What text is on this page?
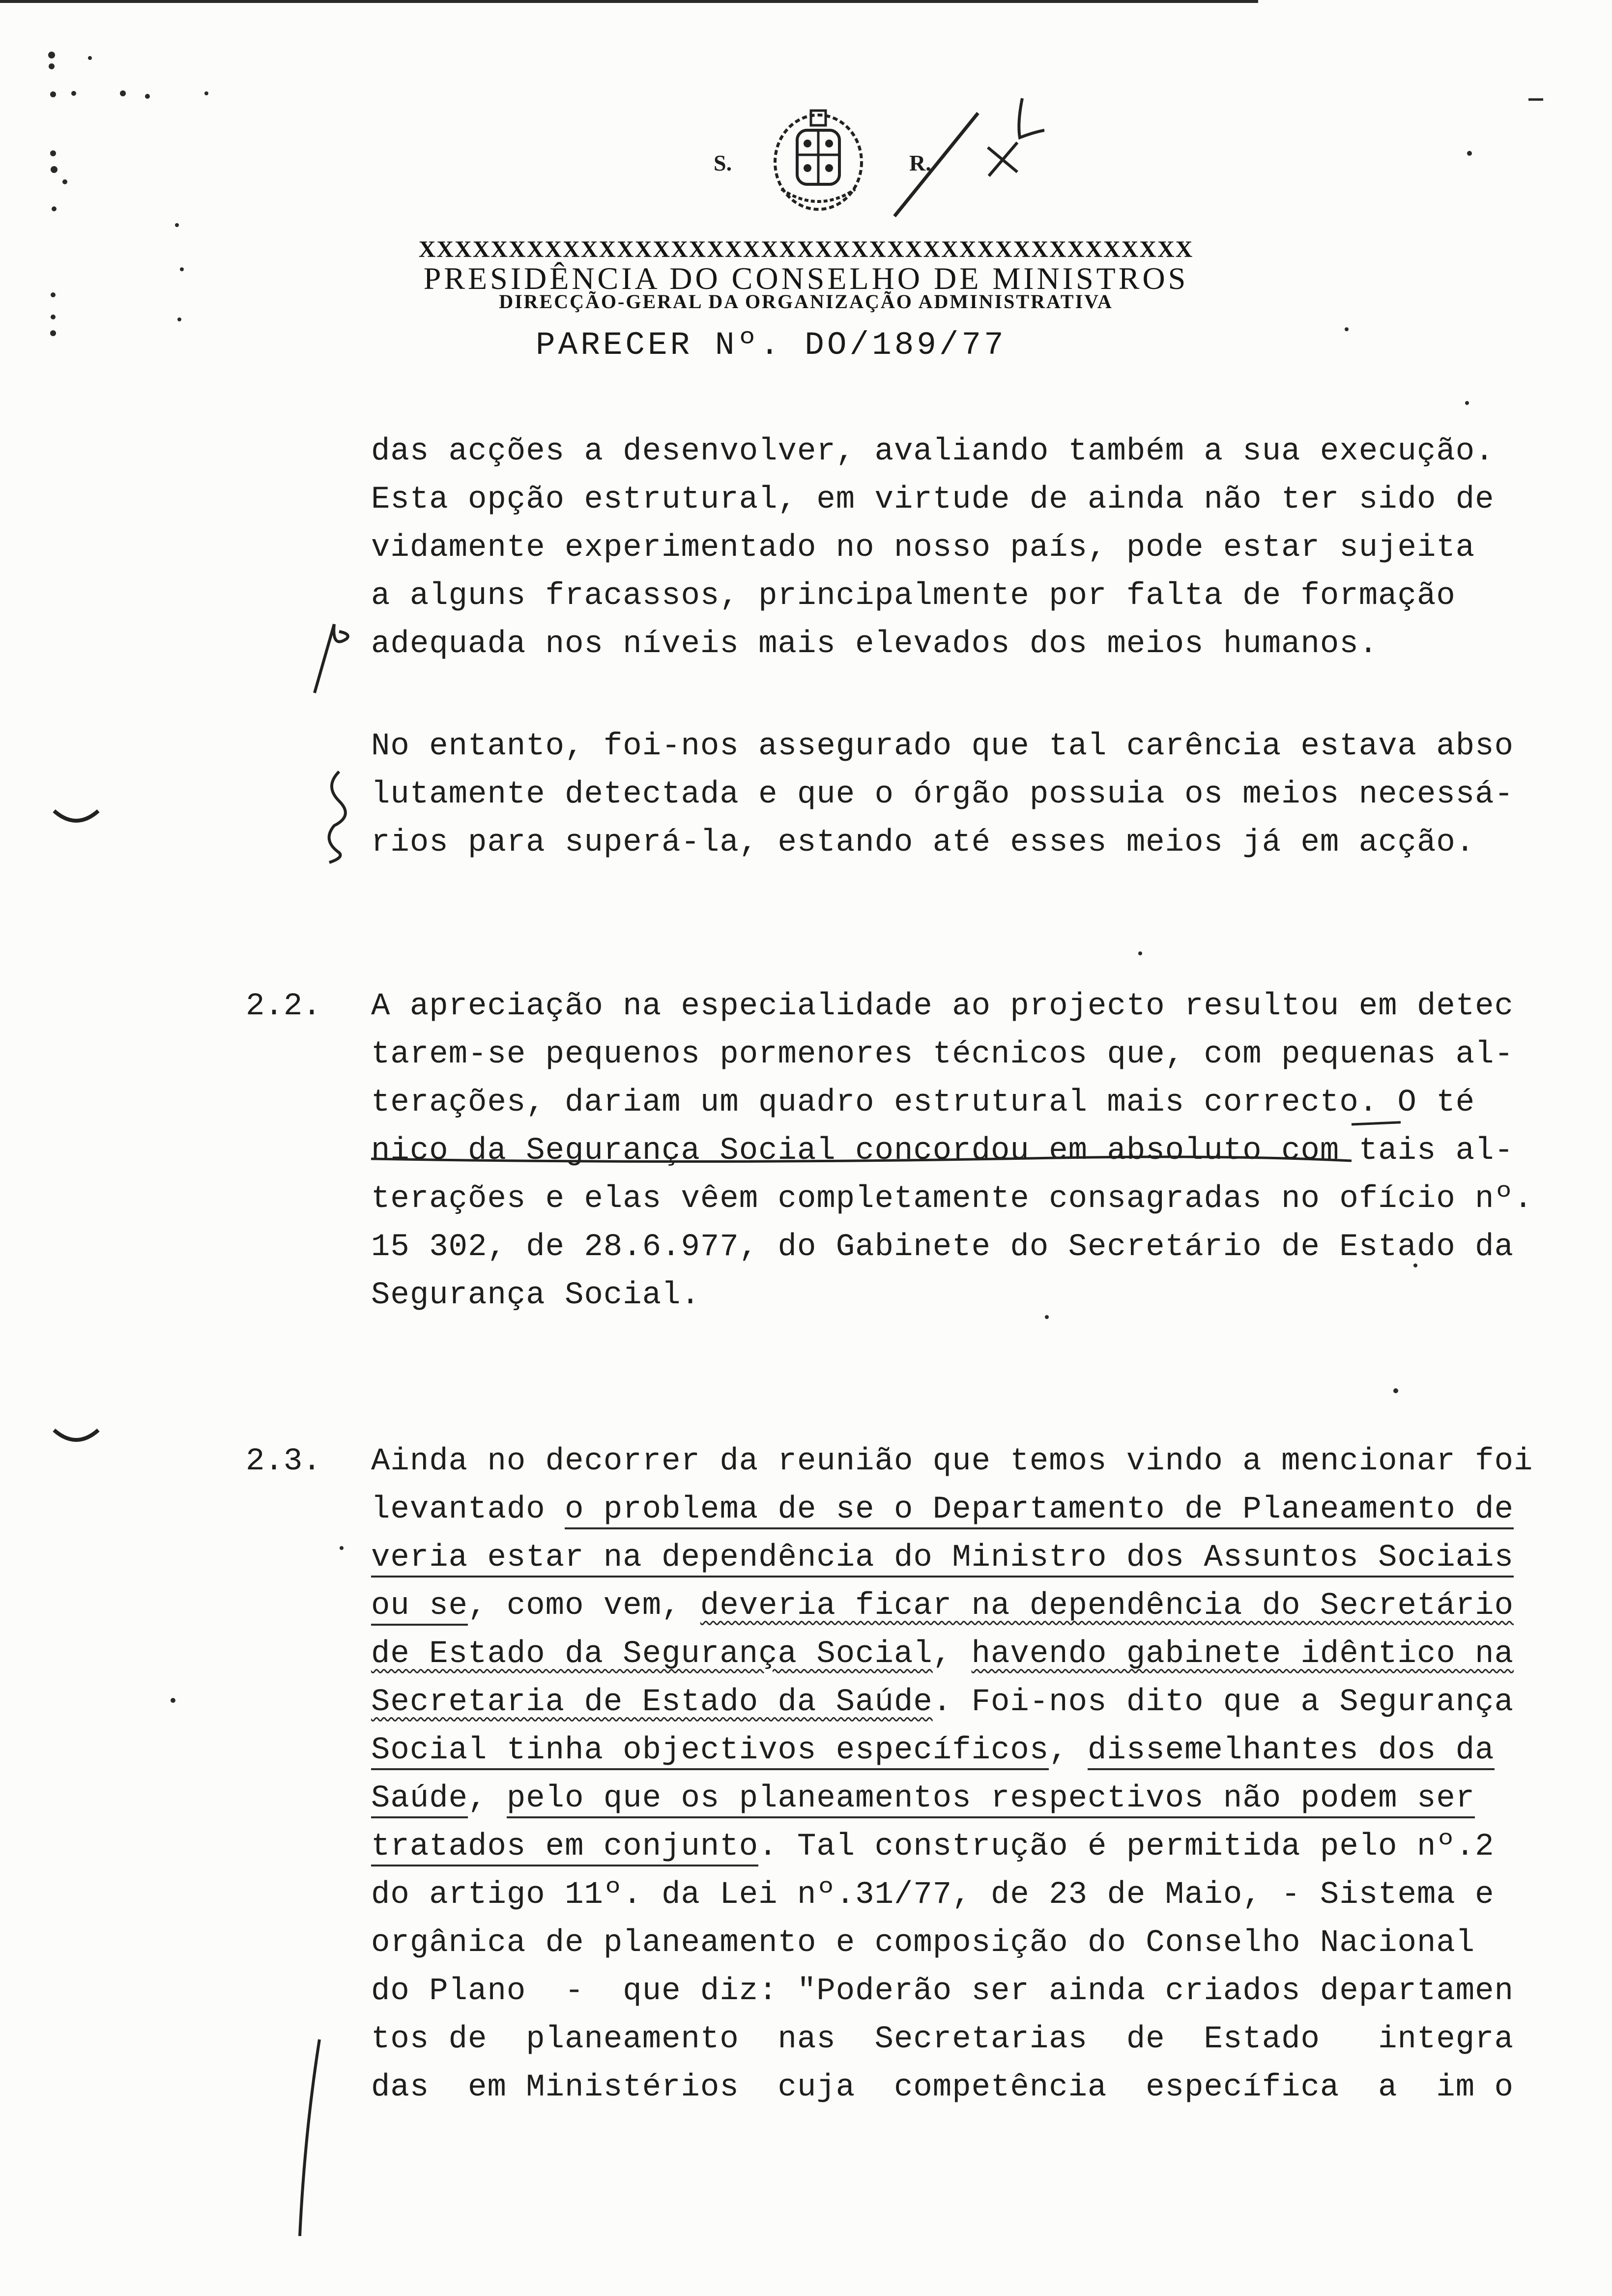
S.	R.
XXXXXXXXXXXXXXXXXXXXXXXXXXXXXXXXXXXXXXXXXXX
PRESIDÊNCIA DO CONSELHO DE MINISTROS
DIRECÇÃO-GERAL DA ORGANIZAÇÃO ADMINISTRATIVA
PARECER Nº. DO/189/77
das acções a desenvolver, avaliando também a sua execução.
Esta opção estrutural, em virtude de ainda não ter sido de
vidamente experimentado no nosso país, pode estar sujeita
a alguns fracassos, principalmente por falta de formação
adequada nos níveis mais elevados dos meios humanos.
No entanto, foi-nos assegurado que tal carência estava abso
lutamente detectada e que o órgão possuia os meios necessá-
rios para superá-la, estando até esses meios já em acção.
2.2. A apreciação na especialidade ao projecto resultou em detec
tarem-se pequenos pormenores técnicos que, com pequenas al-
terações, dariam um quadro estrutural mais correcto. O té
nico da Segurança Social concordou em absoluto com tais al-
terações e elas vêem completamente consagradas no ofício nº.
15 302, de 28.6.977, do Gabinete do Secretário de Estado da
Segurança Social.
2.3. Ainda no decorrer da reunião que temos vindo a mencionar foi
levantado o problema de se o Departamento de Planeamento de
veria estar na dependência do Ministro dos Assuntos Sociais
ou se, como vem, deveria ficar na dependência do Secretário
de Estado da Segurança Social, havendo gabinete idêntico na
Secretaria de Estado da Saúde. Foi-nos dito que a Segurança
Social tinha objectivos específicos, dissemelhantes dos da
Saúde, pelo que os planeamentos respectivos não podem ser
tratados em conjunto. Tal construção é permitida pelo nº.2
do artigo 11º. da Lei nº.31/77, de 23 de Maio, - Sistema e
orgânica de planeamento e composição do Conselho Nacional
do Plano  -  que diz: "Poderão ser ainda criados departamen
tos de  planeamento  nas  Secretarias  de  Estado   integra
das  em Ministérios  cuja  competência  específica  a  im o
